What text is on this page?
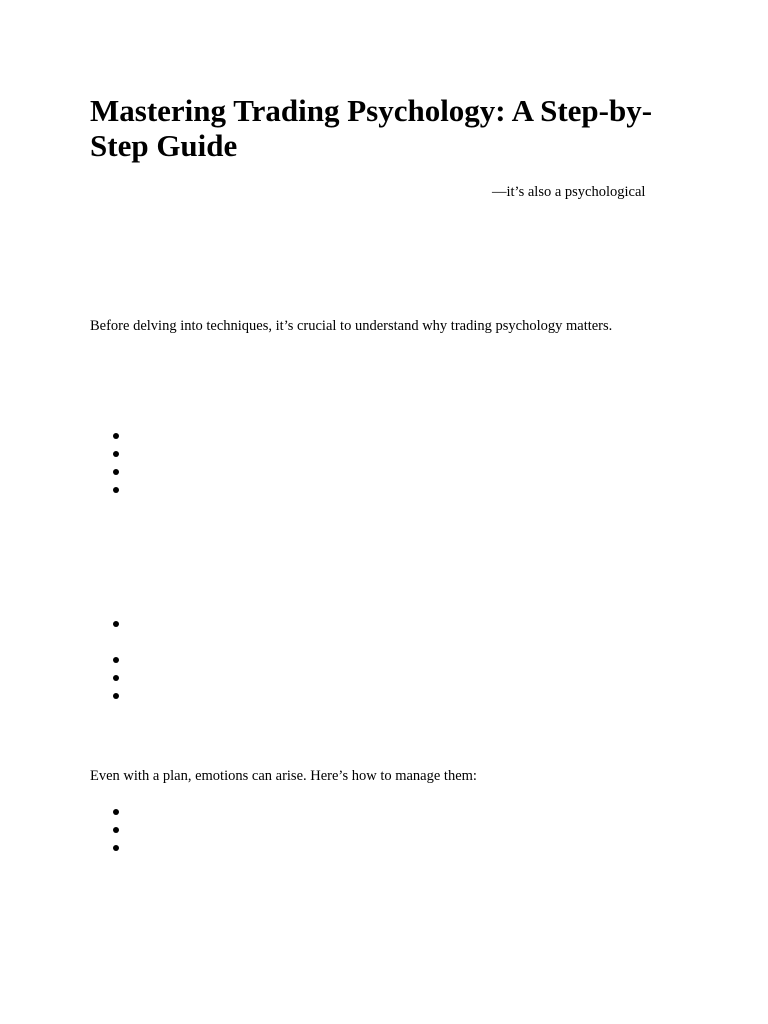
Mastering Trading Psychology: A Step-by-Step Guide

—it’s also a psychological

Before delving into techniques, it’s crucial to understand why trading psychology matters.

Even with a plan, emotions can arise. Here’s how to manage them:
